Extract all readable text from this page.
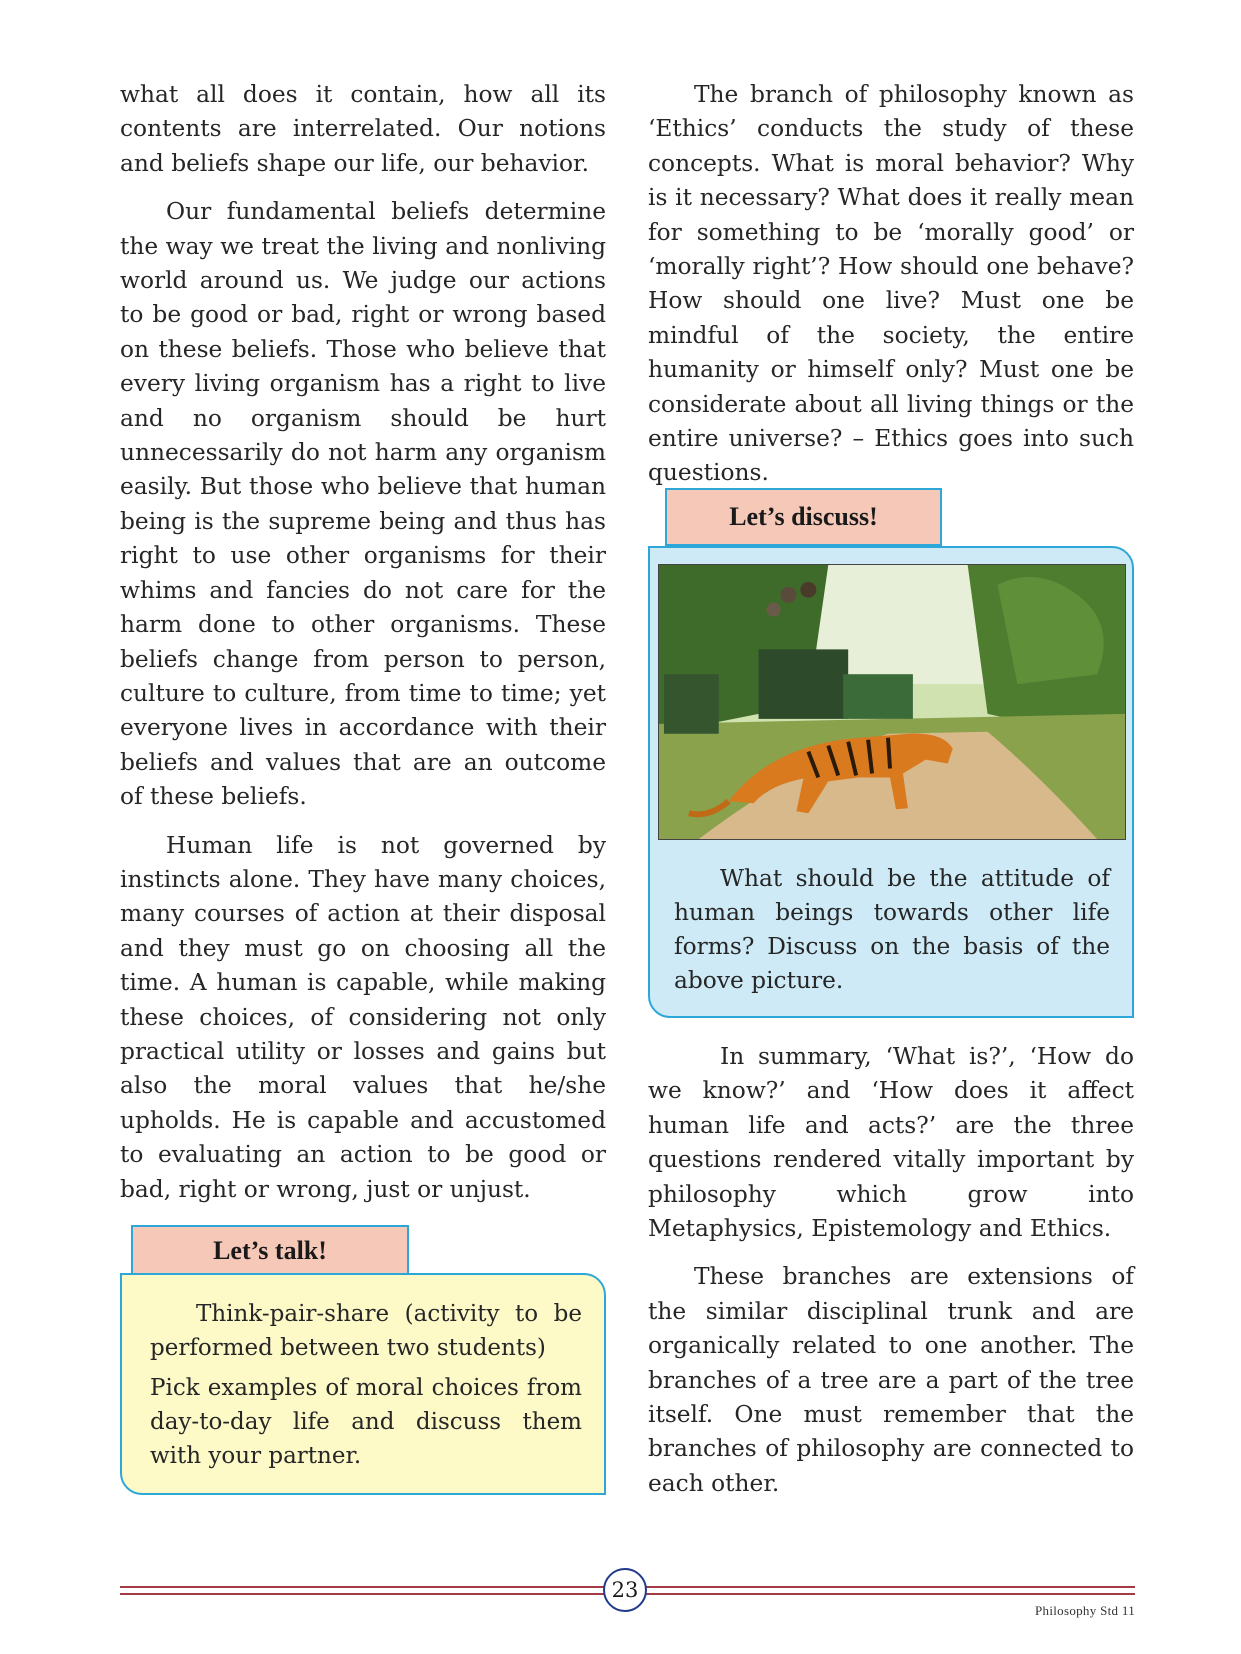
what all does it contain, how all its contents are interrelated. Our notions and beliefs shape our life, our behavior.

Our fundamental beliefs determine the way we treat the living and nonliving world around us. We judge our actions to be good or bad, right or wrong based on these beliefs. Those who believe that every living organism has a right to live and no organism should be hurt unnecessarily do not harm any organism easily. But those who believe that human being is the supreme being and thus has right to use other organisms for their whims and fancies do not care for the harm done to other organisms. These beliefs change from person to person, culture to culture, from time to time; yet everyone lives in accordance with their beliefs and values that are an outcome of these beliefs.

Human life is not governed by instincts alone. They have many choices, many courses of action at their disposal and they must go on choosing all the time. A human is capable, while making these choices, of considering not only practical utility or losses and gains but also the moral values that he/she upholds. He is capable and accustomed to evaluating an action to be good or bad, right or wrong, just or unjust.

Let’s talk!

Think-pair-share (activity to be performed between two students)

Pick examples of moral choices from day-to-day life and discuss them with your partner.

The branch of philosophy known as ‘Ethics’ conducts the study of these concepts. What is moral behavior? Why is it necessary? What does it really mean for something to be ‘morally good’ or ‘morally right’? How should one behave? How should one live? Must one be mindful of the society, the entire humanity or himself only? Must one be considerate about all living things or the entire universe? – Ethics goes into such questions.

Let’s discuss!

What should be the attitude of human beings towards other life forms? Discuss on the basis of the above picture.

In summary, ‘What is?’, ‘How do we know?’ and ‘How does it affect human life and acts?’ are the three questions rendered vitally important by philosophy which grow into Metaphysics, Epistemology and Ethics.

These branches are extensions of the similar disciplinal trunk and are organically related to one another. The branches of a tree are a part of the tree itself. One must remember that the branches of philosophy are connected to each other.

23
Philosophy Std 11
